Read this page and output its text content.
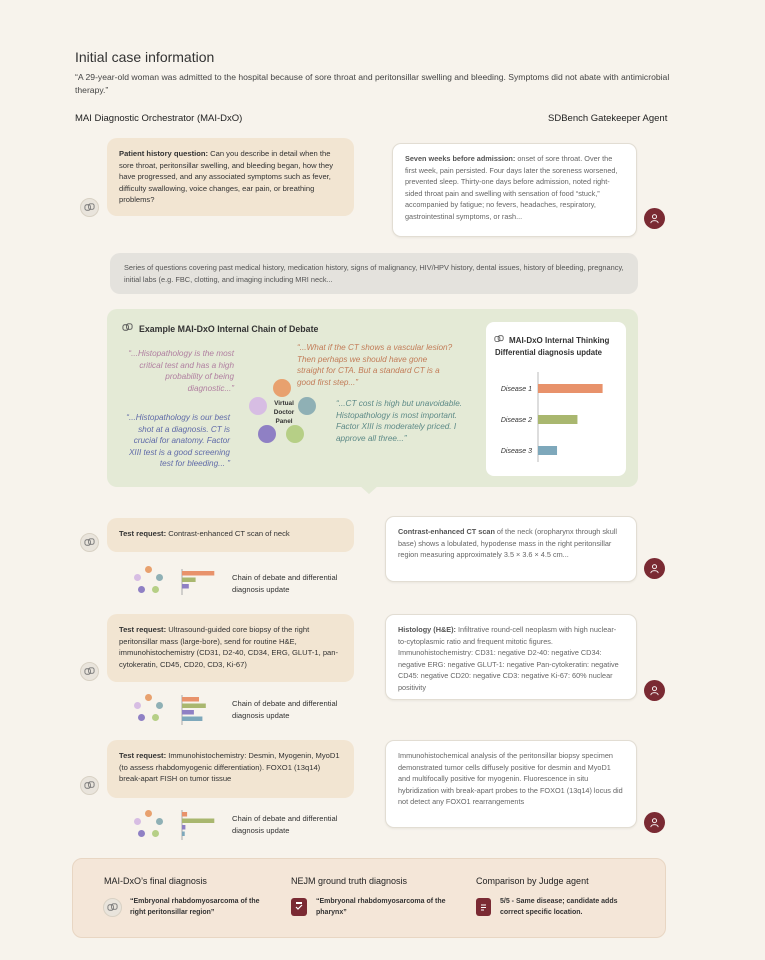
Initial case information
“A 29-year-old woman was admitted to the hospital because of sore throat and peritonsillar swelling and bleeding. Symptoms did not abate with antimicrobial therapy.”
MAI Diagnostic Orchestrator (MAI-DxO)	SDBench Gatekeeper Agent
Patient history question: Can you describe in detail when the sore throat, peritonsillar swelling, and bleeding began, how they have progressed, and any associated symptoms such as fever, difficulty swallowing, voice changes, ear pain, or breathing problems?
Seven weeks before admission: onset of sore throat. Over the first week, pain persisted. Four days later the soreness worsened, prevented sleep. Thirty-one days before admission, noted right-sided throat pain and swelling with sensation of food “stuck,” accompanied by fatigue; no fevers, headaches, respiratory, gastrointestinal symptoms, or rash...
Series of questions covering past medical history, medication history, signs of malignancy, HIV/HPV history, dental issues, history of bleeding, pregnancy, initial labs (e.g. FBC, clotting, and imaging including MRI neck...
Example MAI-DxO Internal Chain of Debate
“...Histopathology is the most critical test and has a high probability of being diagnostic...”
“...What if the CT shows a vascular lesion? Then perhaps we should have gone straight for CTA. But a standard CT is a good first step...”
“...Histopathology is our best shot at a diagnosis. CT is crucial for anatomy. Factor XIII test is a good screening test for bleeding... ”
“...CT cost is high but unavoidable. Histopathology is most important. Factor XIII is moderately priced. I approve all three...”
Virtual Doctor Panel
MAI-DxO Internal Thinking
Differential diagnosis update
Disease 1
Disease 2
Disease 3
Test request: Contrast-enhanced CT scan of neck	Contrast-enhanced CT scan of the neck (oropharynx through skull base) shows a lobulated, hypodense mass in the right peritonsillar region measuring approximately 3.5 × 3.6 × 4.5 cm...
Chain of debate and differential diagnosis update
Test request: Ultrasound-guided core biopsy of the right peritonsillar mass (large-bore), send for routine H&E, immunohistochemistry (CD31, D2-40, CD34, ERG, GLUT-1, pan-cytokeratin, CD45, CD20, CD3, Ki-67)
Histology (H&E): Infiltrative round-cell neoplasm with high nuclear-to-cytoplasmic ratio and frequent mitotic figures. Immunohistochemistry: CD31: negative D2-40: negative CD34: negative ERG: negative GLUT-1: negative Pan-cytokeratin: negative CD45: negative CD20: negative CD3: negative Ki-67: 60% nuclear positivity
Chain of debate and differential diagnosis update
Test request: Immunohistochemistry: Desmin, Myogenin, MyoD1 (to assess rhabdomyogenic differentiation). FOXO1 (13q14) break-apart FISH on tumor tissue
Immunohistochemical analysis of the peritonsillar biopsy specimen demonstrated tumor cells diffusely positive for desmin and MyoD1 and multifocally positive for myogenin. Fluorescence in situ hybridization with break-apart probes to the FOXO1 (13q14) locus did not detect any FOXO1 rearrangements
Chain of debate and differential diagnosis update
MAI-DxO’s final diagnosis
“Embryonal rhabdomyosarcoma of the right peritonsillar region”
NEJM ground truth diagnosis
“Embryonal rhabdomyosarcoma of the pharynx”
Comparison by Judge agent
5/5 - Same disease; candidate adds correct specific location.
